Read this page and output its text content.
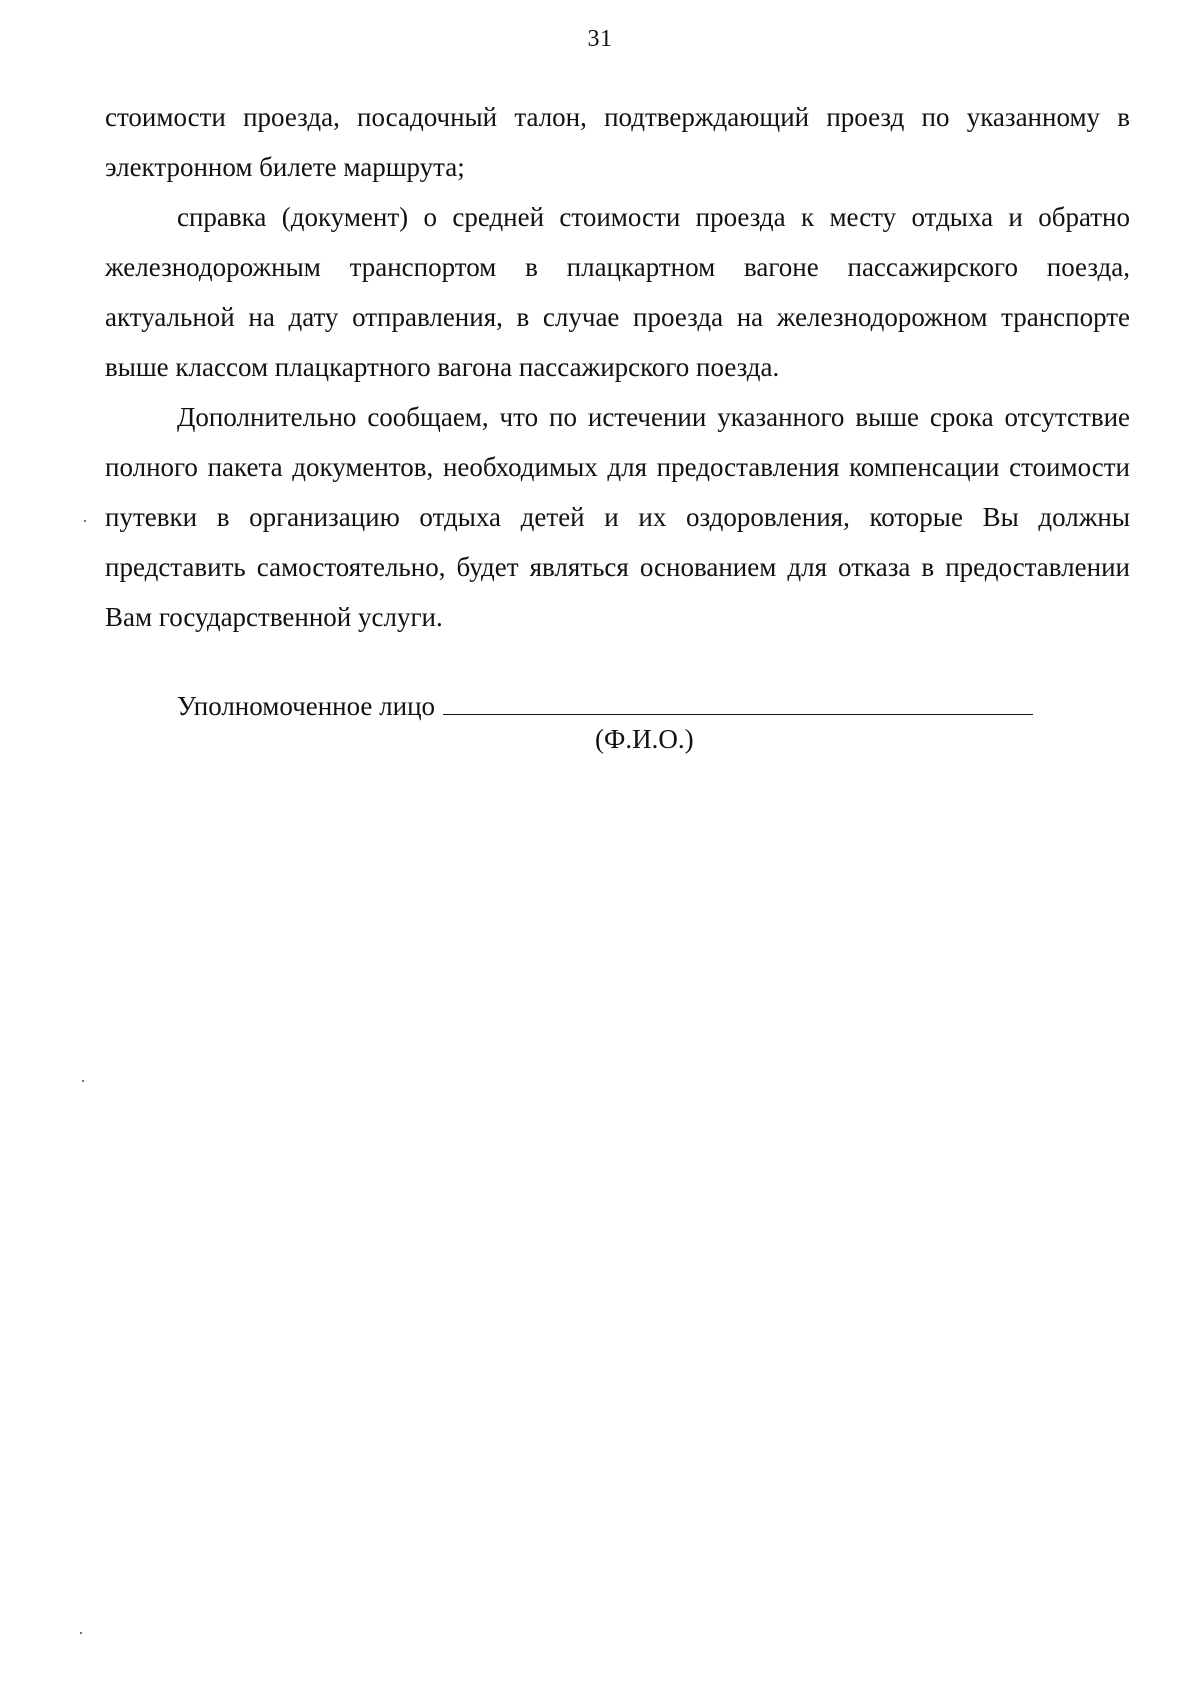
31

стоимости проезда, посадочный талон, подтверждающий проезд по указанному в электронном билете маршрута;

справка (документ) о средней стоимости проезда к месту отдыха и обратно железнодорожным транспортом в плацкартном вагоне пассажирского поезда, актуальной на дату отправления, в случае проезда на железнодорожном транспорте выше классом плацкартного вагона пассажирского поезда.

Дополнительно сообщаем, что по истечении указанного выше срока отсутствие полного пакета документов, необходимых для предоставления компенсации стоимости путевки в организацию отдыха детей и их оздоровления, которые Вы должны представить самостоятельно, будет являться основанием для отказа в предоставлении Вам государственной услуги.

Уполномоченное лицо
(Ф.И.О.)
